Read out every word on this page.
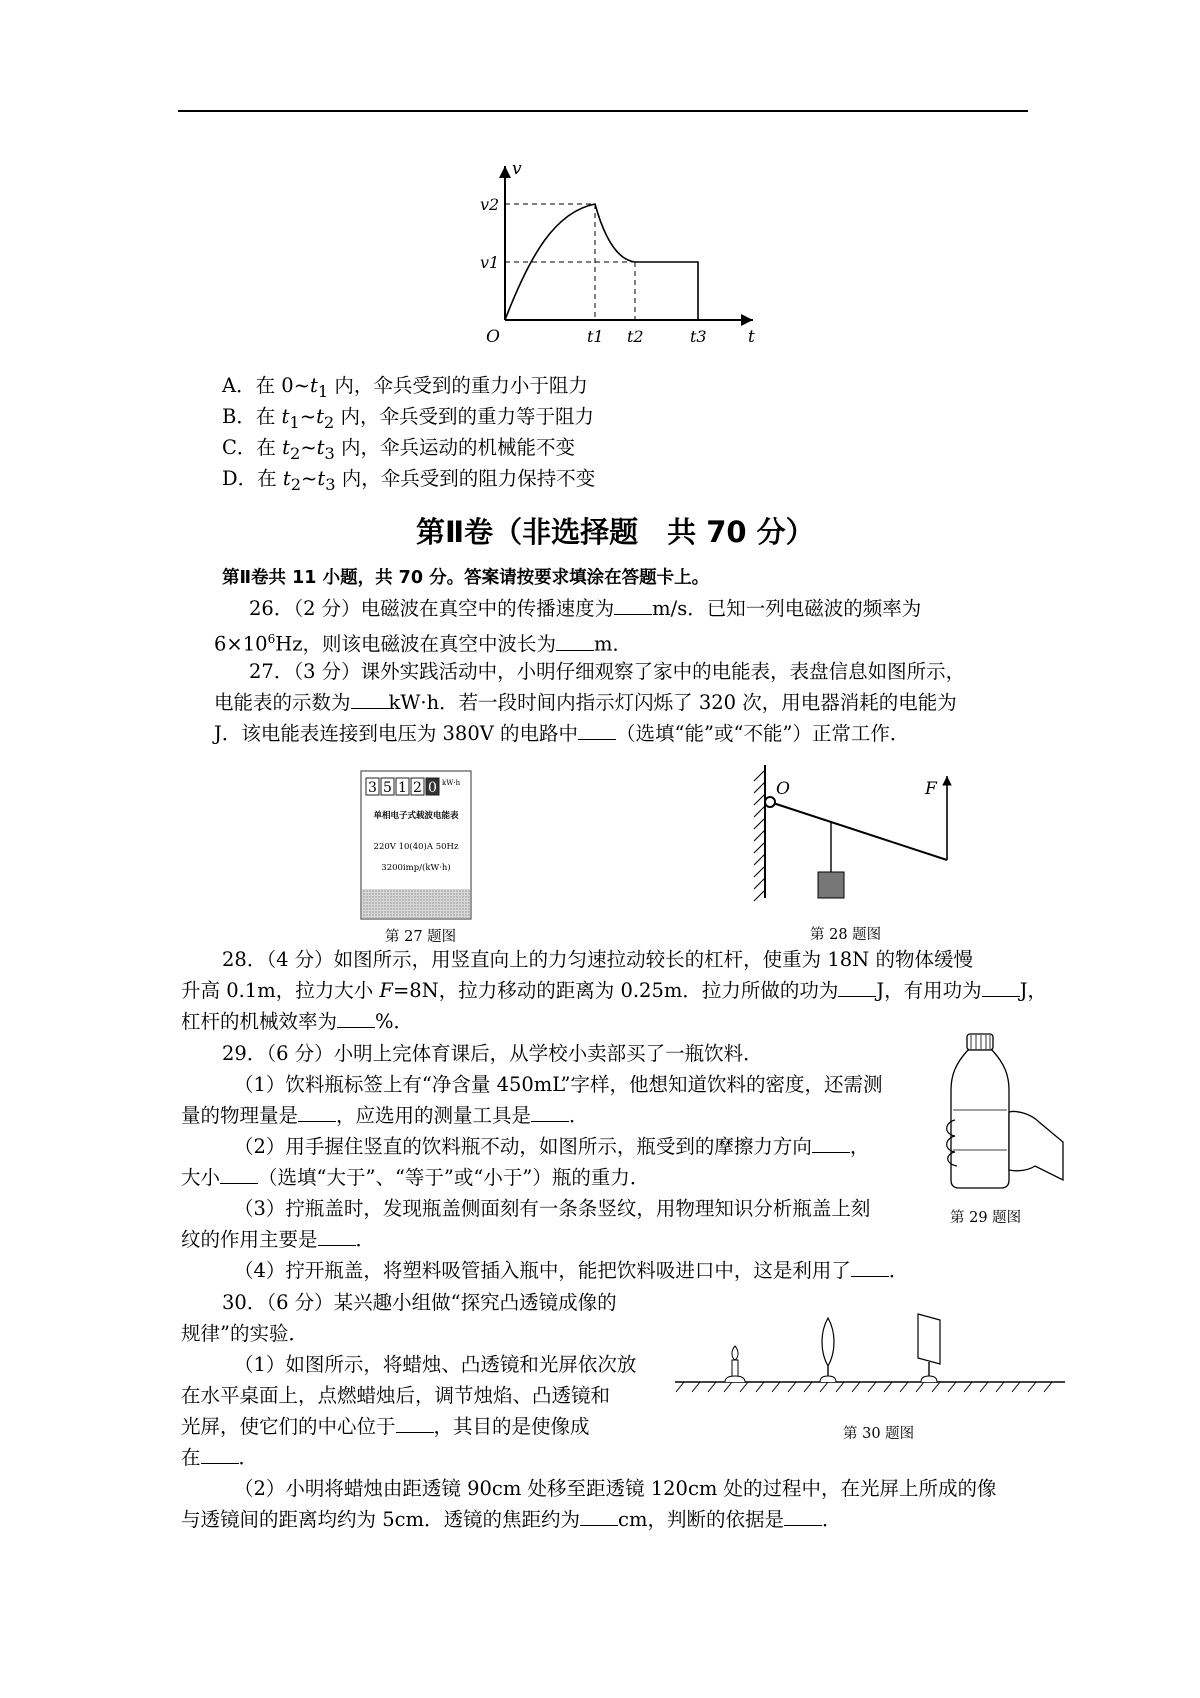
v
t
O
v2
v1
t1 t2	t3
A．在 $0\sim t_1$ 内，伞兵受到的重力小于阻力
B．在 $t_1\sim t_2$ 内，伞兵受到的重力等于阻力
C．在 $t_2\sim t_3$ 内，伞兵运动的机械能不变
D．在 $t_2\sim t_3$ 内，伞兵受到的阻力保持不变
第Ⅱ卷（非选择题　共 70 分）
第Ⅱ卷共 11 小题，共 70 分。答案请按要求填涂在答题卡上。
26．（2 分）电磁波在真空中的传播速度为 m/s．已知一列电磁波的频率为
$6\times 10^6Hz$，则该电磁波在真空中波长为 m．
27．（3 分）课外实践活动中，小明仔细观察了家中的电能表，表盘信息如图所示，
电能表的示数为 kW·h．若一段时间内指示灯闪烁了 320 次，用电器消耗的电能为
J．该电能表连接到电压为 380V 的电路中 （选填“能”或“不能”）正常工作．
3 5 1 2 0 kW·h
单相电子式载波电能表
220V 10(40)A 50Hz
3200imp/(kW·h)
第 27 题图
O	F
第 28 题图
28．（4 分）如图所示，用竖直向上的力匀速拉动较长的杠杆，使重为 18N 的物体缓慢
升高 0.1m，拉力大小 F=8N，拉力移动的距离为 0.25m．拉力所做的功为 J，有用功为 J，
杠杆的机械效率为 %．
29．（6 分）小明上完体育课后，从学校小卖部买了一瓶饮料．
（1）饮料瓶标签上有“净含量 450mL”字样，他想知道饮料的密度，还需测
量的物理量是 ，应选用的测量工具是 ．
（2）用手握住竖直的饮料瓶不动，如图所示，瓶受到的摩擦力方向 ，
大小 （选填“大于”、“等于”或“小于”）瓶的重力．
（3）拧瓶盖时，发现瓶盖侧面刻有一条条竖纹，用物理知识分析瓶盖上刻
纹的作用主要是 ．
（4）拧开瓶盖，将塑料吸管插入瓶中，能把饮料吸进口中，这是利用了 ．
第 29 题图
30．（6 分）某兴趣小组做“探究凸透镜成像的
规律”的实验．
（1）如图所示，将蜡烛、凸透镜和光屏依次放
在水平桌面上，点燃蜡烛后，调节烛焰、凸透镜和
光屏，使它们的中心位于 ，其目的是使像成
在 ．
第 30 题图
（2）小明将蜡烛由距透镜 90cm 处移至距透镜 120cm 处的过程中，在光屏上所成的像
与透镜间的距离均约为 5cm．透镜的焦距约为 cm，判断的依据是 ．
